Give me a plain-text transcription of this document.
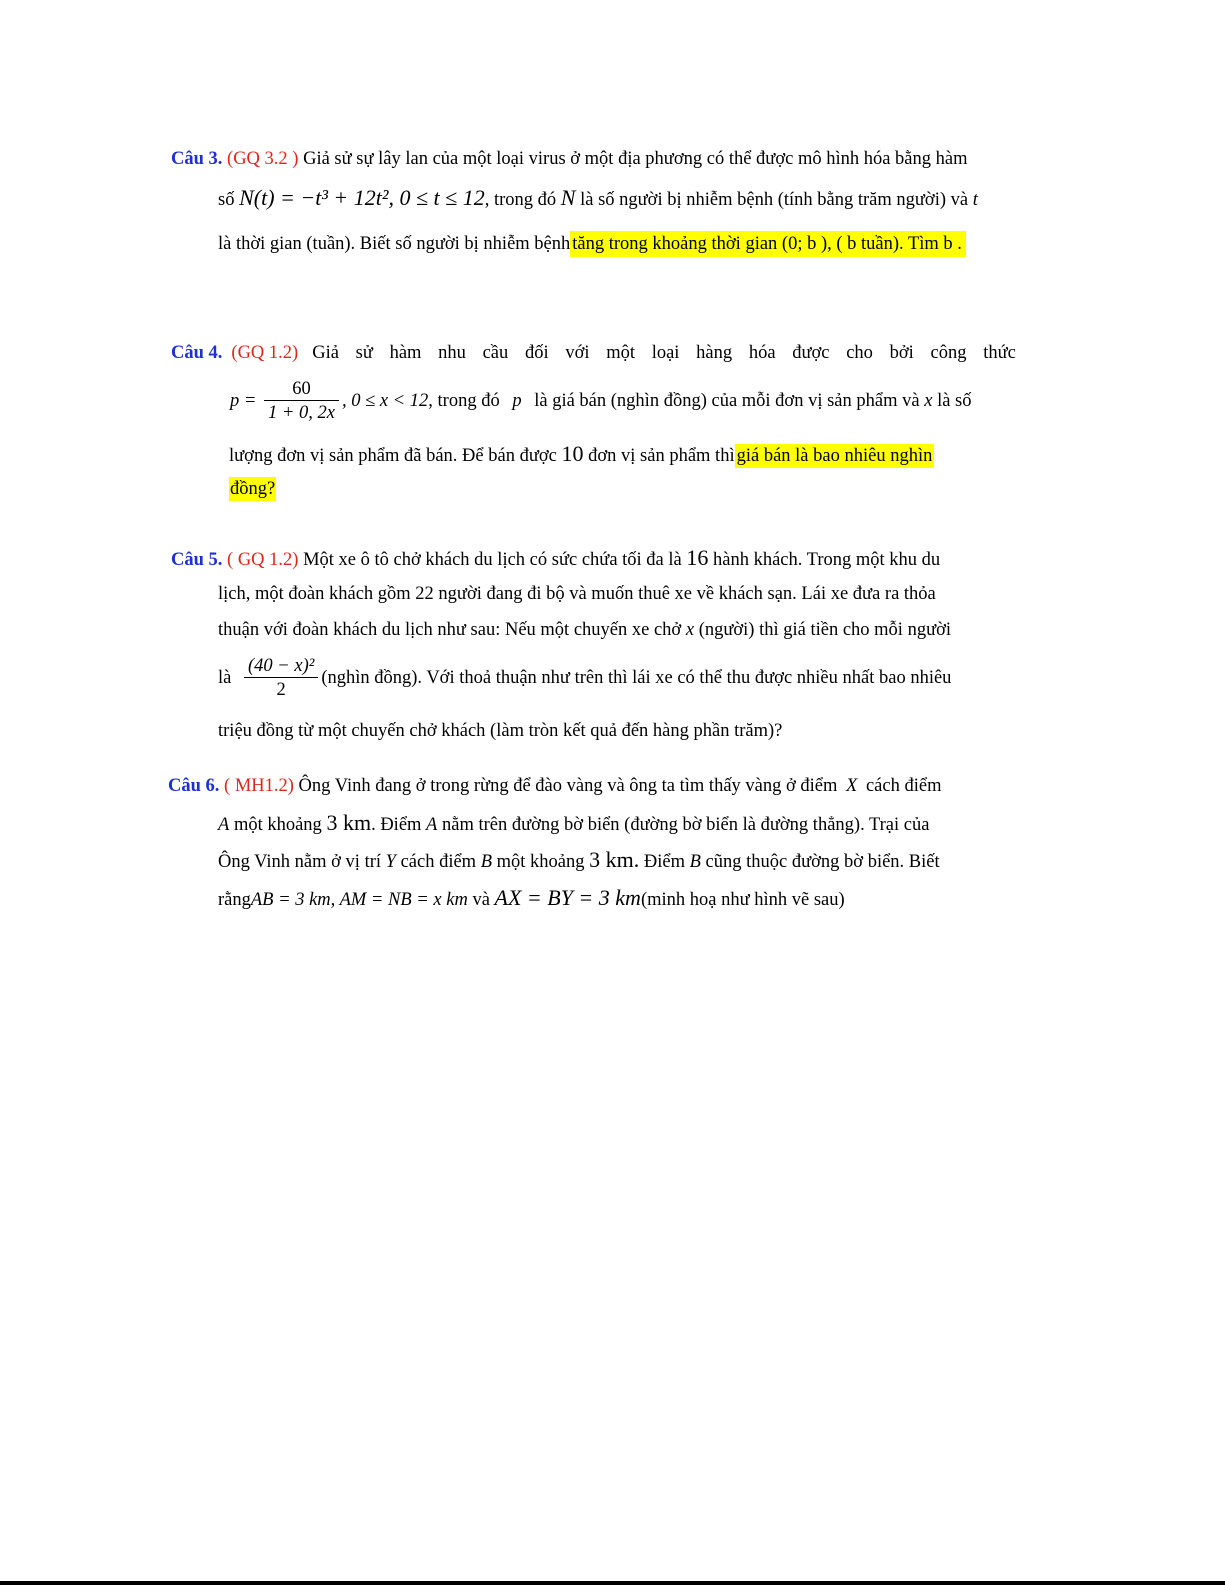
Câu 3. (GQ 3.2 ) Giả sử sự lây lan của một loại virus ở một địa phương có thể được mô hình hóa bằng hàm
số N(t) = −t³ + 12t², 0 ≤ t ≤ 12, trong đó N là số người bị nhiễm bệnh (tính bằng trăm người) và t
là thời gian (tuần). Biết số người bị nhiễm bệnh tăng trong khoảng thời gian (0; b ), ( b tuần). Tìm b .
Câu 4. (GQ 1.2) Giả sử hàm nhu cầu đối với một loại hàng hóa được cho bởi công thức
$p = \frac{60}{1 + 0, 2x}$ , 0 ≤ x < 12, trong đó p là giá bán (nghìn đồng) của mỗi đơn vị sản phẩm và x là số
lượng đơn vị sản phẩm đã bán. Để bán được 10 đơn vị sản phẩm thì giá bán là bao nhiêu nghìn
đồng?
Câu 5. ( GQ 1.2) Một xe ô tô chở khách du lịch có sức chứa tối đa là 16 hành khách. Trong một khu du
lịch, một đoàn khách gồm 22 người đang đi bộ và muốn thuê xe về khách sạn. Lái xe đưa ra thỏa
thuận với đoàn khách du lịch như sau: Nếu một chuyến xe chở x (người) thì giá tiền cho mỗi người
là $\frac{\text{(40 − x)²}}{2}$ (nghìn đồng). Với thoả thuận như trên thì lái xe có thể thu được nhiều nhất bao nhiêu
triệu đồng từ một chuyến chở khách (làm tròn kết quả đến hàng phần trăm)?
Câu 6. ( MH1.2) Ông Vinh đang ở trong rừng để đào vàng và ông ta tìm thấy vàng ở điểm X cách điểm
A một khoảng 3 km. Điểm A nằm trên đường bờ biển (đường bờ biển là đường thẳng). Trại của
Ông Vinh nằm ở vị trí Y cách điểm B một khoảng 3 km. Điểm B cũng thuộc đường bờ biển. Biết
rằngAB = 3 km, AM = NB = x km và AX = BY = 3 km(minh hoạ như hình vẽ sau)
